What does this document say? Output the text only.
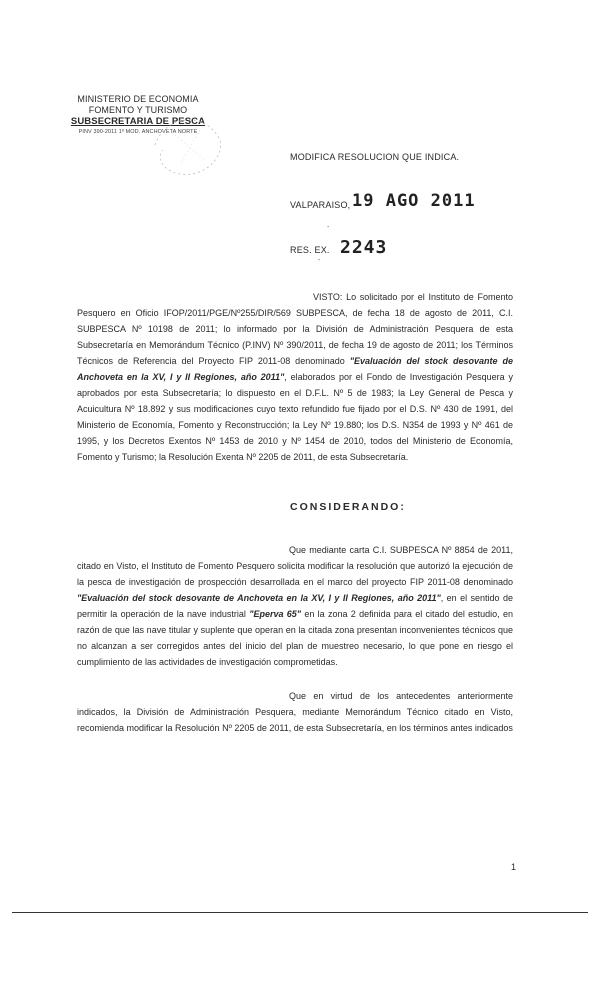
MINISTERIO DE ECONOMIA
FOMENTO Y TURISMO
SUBSECRETARIA DE PESCA
PINV 390-2011 1º MOD. ANCHOVETA NORTE
MODIFICA RESOLUCION QUE INDICA.
VALPARAISO, 19 AGO 2011
-
RES. EX. 2243
-
VISTO: Lo solicitado por el Instituto de Fomento Pesquero en Oficio IFOP/2011/PGE/Nº255/DIR/569 SUBPESCA, de fecha 18 de agosto de 2011, C.I. SUBPESCA Nº 10198 de 2011; lo informado por la División de Administración Pesquera de esta Subsecretaría en Memorándum Técnico (P.INV) Nº 390/2011, de fecha 19 de agosto de 2011; los Términos Técnicos de Referencia del Proyecto FIP 2011-08 denominado "Evaluación del stock desovante de Anchoveta en la XV, I y II Regiones, año 2011", elaborados por el Fondo de Investigación Pesquera y aprobados por esta Subsecretaría; lo dispuesto en el D.F.L. Nº 5 de 1983; la Ley General de Pesca y Acuicultura Nº 18.892 y sus modificaciones cuyo texto refundido fue fijado por el D.S. Nº 430 de 1991, del Ministerio de Economía, Fomento y Reconstrucción; la Ley Nº 19.880; los D.S. N354 de 1993 y Nº 461 de 1995, y los Decretos Exentos Nº 1453 de 2010 y Nº 1454 de 2010, todos del Ministerio de Economía, Fomento y Turismo; la Resolución Exenta Nº 2205 de 2011, de esta Subsecretaría.
CONSIDERANDO:
Que mediante carta C.I. SUBPESCA Nº 8854 de 2011, citado en Visto, el Instituto de Fomento Pesquero solicita modificar la resolución que autorizó la ejecución de la pesca de investigación de prospección desarrollada en el marco del proyecto FIP 2011-08 denominado "Evaluación del stock desovante de Anchoveta en la XV, I y II Regiones, año 2011", en el sentido de permitir la operación de la nave industrial "Eperva 65" en la zona 2 definida para el citado del estudio, en razón de que las nave titular y suplente que operan en la citada zona presentan inconvenientes técnicos que no alcanzan a ser corregidos antes del inicio del plan de muestreo necesario, lo que pone en riesgo el cumplimiento de las actividades de investigación comprometidas.
Que en virtud de los antecedentes anteriormente indicados, la División de Administración Pesquera, mediante Memorándum Técnico citado en Visto, recomienda modificar la Resolución Nº 2205 de 2011, de esta Subsecretaría, en los términos antes indicados
1
